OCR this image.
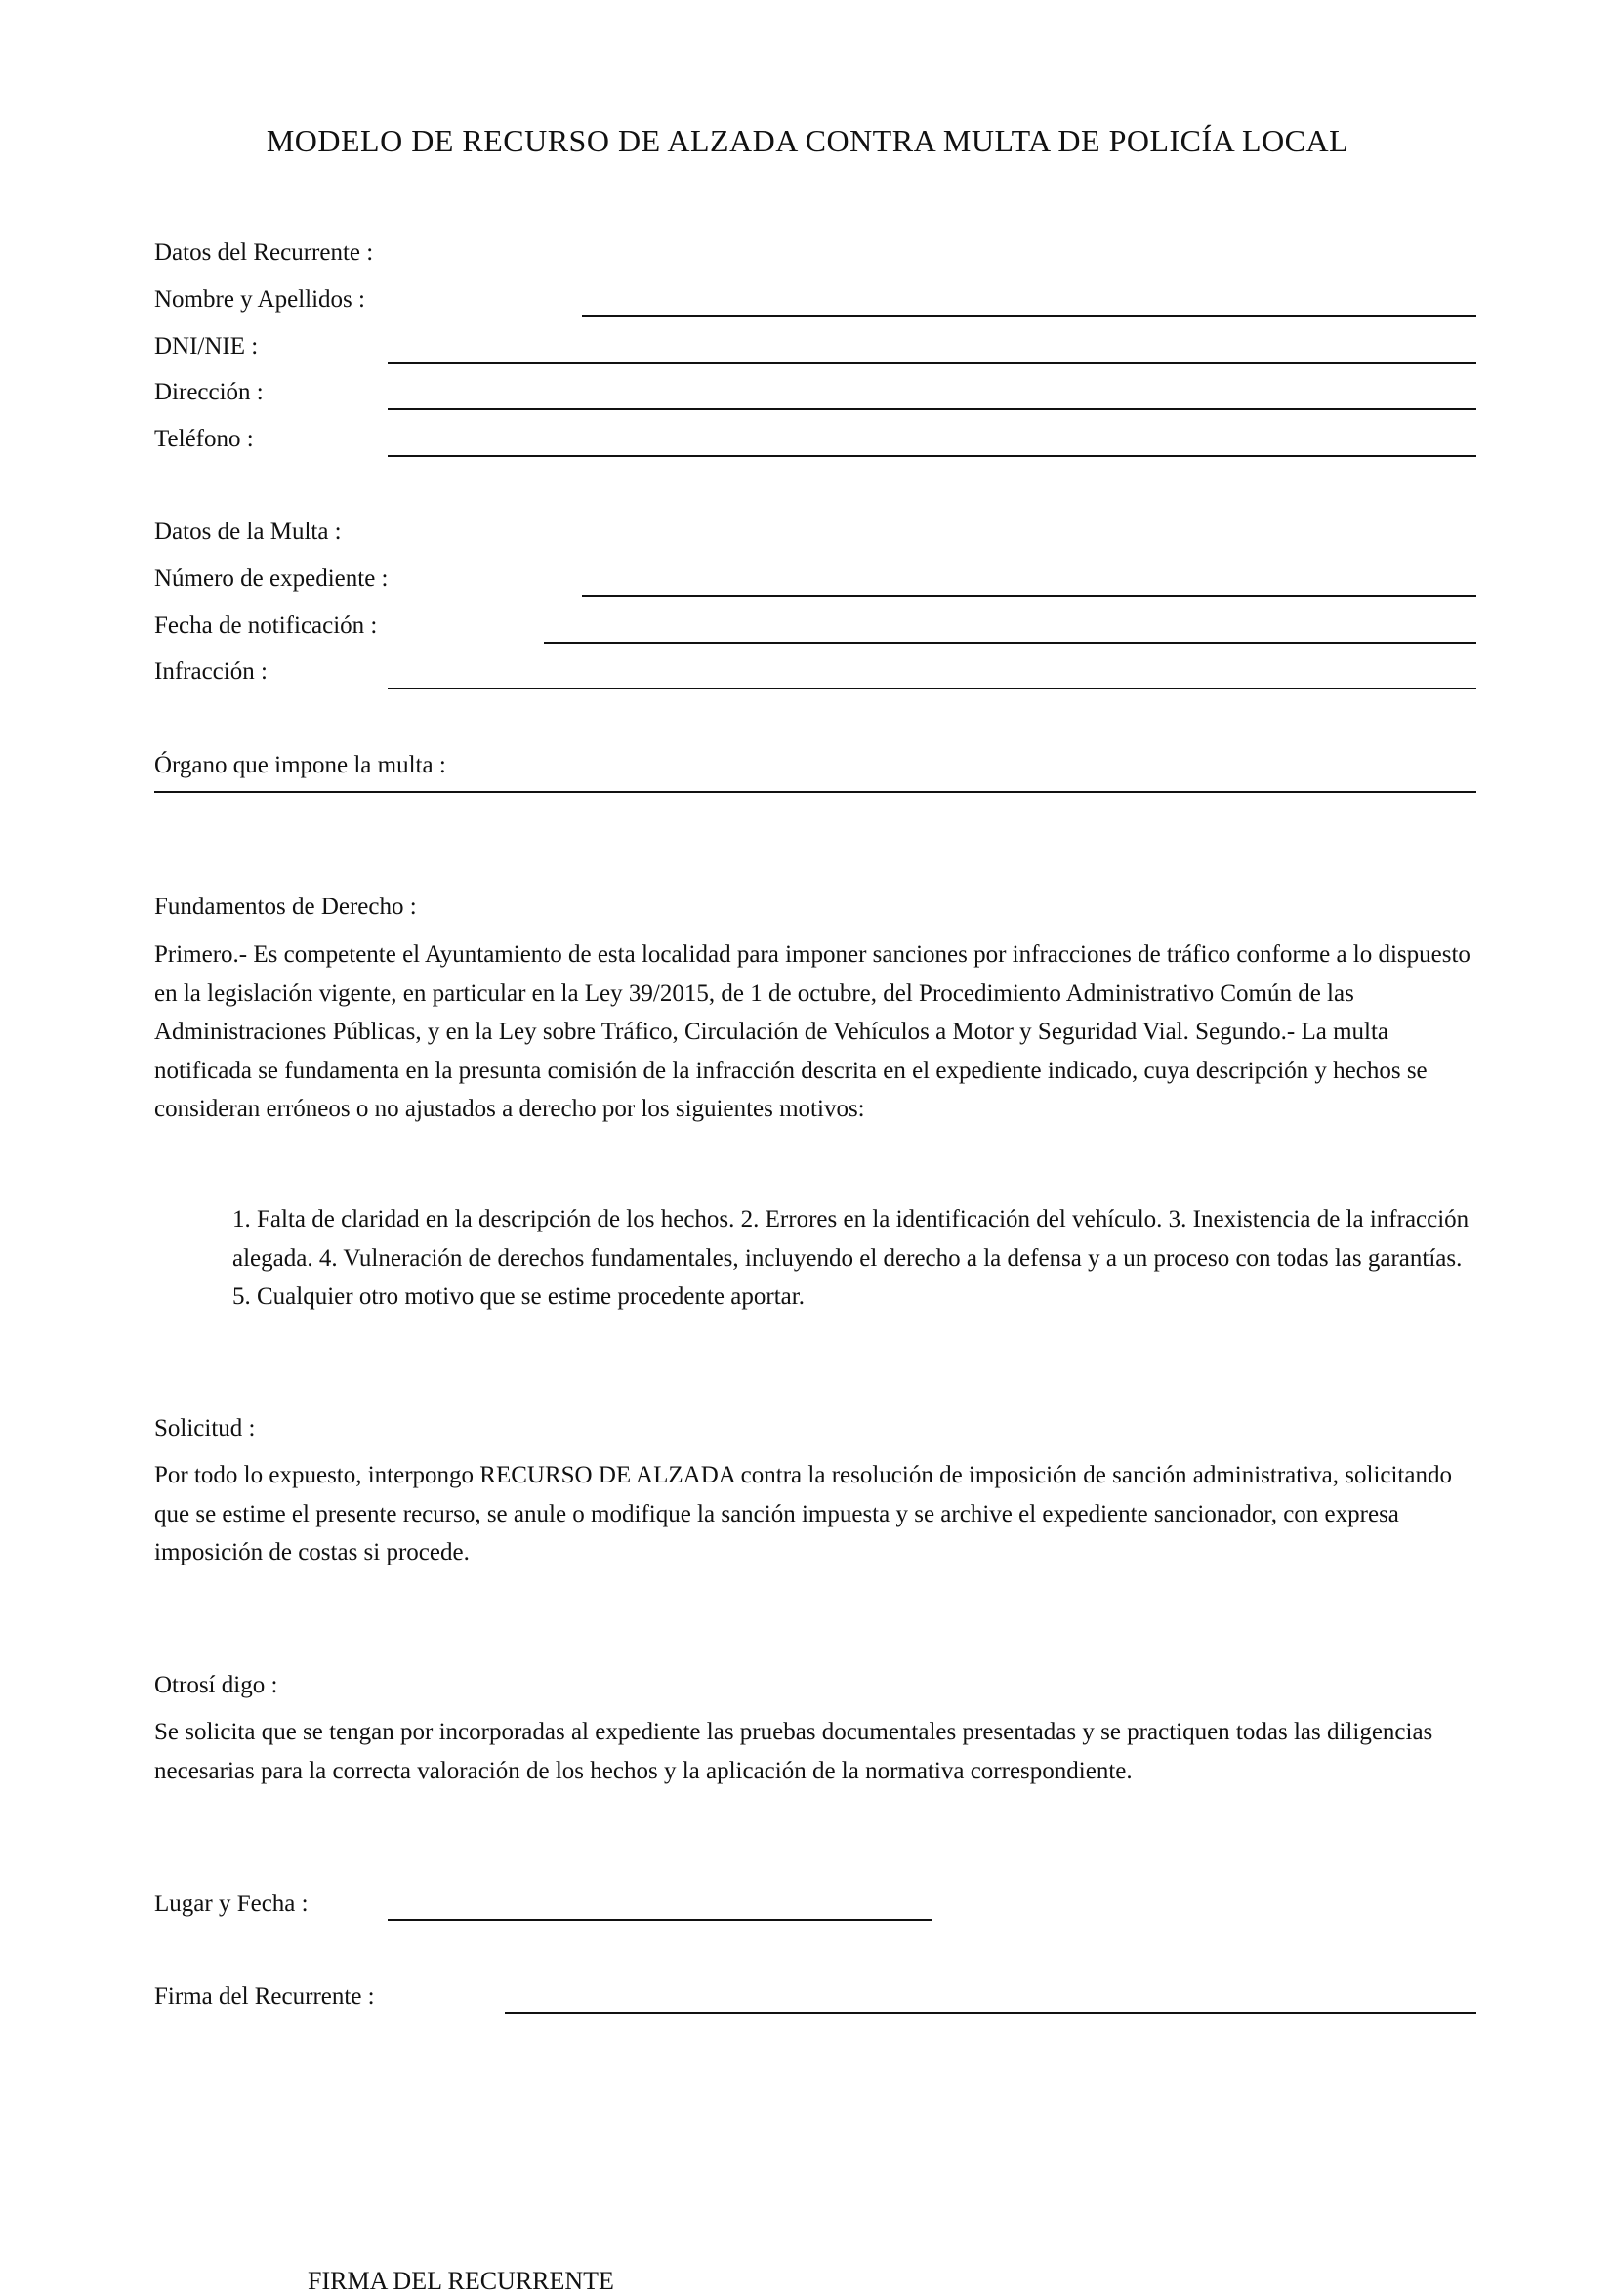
MODELO DE RECURSO DE ALZADA CONTRA MULTA DE POLICÍA LOCAL
Datos del Recurrente :
Nombre y Apellidos :
DNI/NIE :
Dirección :
Teléfono :
Datos de la Multa :
Número de expediente :
Fecha de notificación :
Infracción :
Órgano que impone la multa :
Fundamentos de Derecho :
Primero.- Es competente el Ayuntamiento de esta localidad para imponer sanciones por infracciones de tráfico conforme a lo dispuesto en la legislación vigente, en particular en la Ley 39/2015, de 1 de octubre, del Procedimiento Administrativo Común de las Administraciones Públicas, y en la Ley sobre Tráfico, Circulación de Vehículos a Motor y Seguridad Vial. Segundo.- La multa notificada se fundamenta en la presunta comisión de la infracción descrita en el expediente indicado, cuya descripción y hechos se consideran erróneos o no ajustados a derecho por los siguientes motivos:
1. Falta de claridad en la descripción de los hechos. 2. Errores en la identificación del vehículo. 3. Inexistencia de la infracción alegada. 4. Vulneración de derechos fundamentales, incluyendo el derecho a la defensa y a un proceso con todas las garantías. 5. Cualquier otro motivo que se estime procedente aportar.
Solicitud :
Por todo lo expuesto, interpongo RECURSO DE ALZADA contra la resolución de imposición de sanción administrativa, solicitando que se estime el presente recurso, se anule o modifique la sanción impuesta y se archive el expediente sancionador, con expresa imposición de costas si procede.
Otrosí digo :
Se solicita que se tengan por incorporadas al expediente las pruebas documentales presentadas y se practiquen todas las diligencias necesarias para la correcta valoración de los hechos y la aplicación de la normativa correspondiente.
Lugar y Fecha :
Firma del Recurrente :
FIRMA DEL RECURRENTE
